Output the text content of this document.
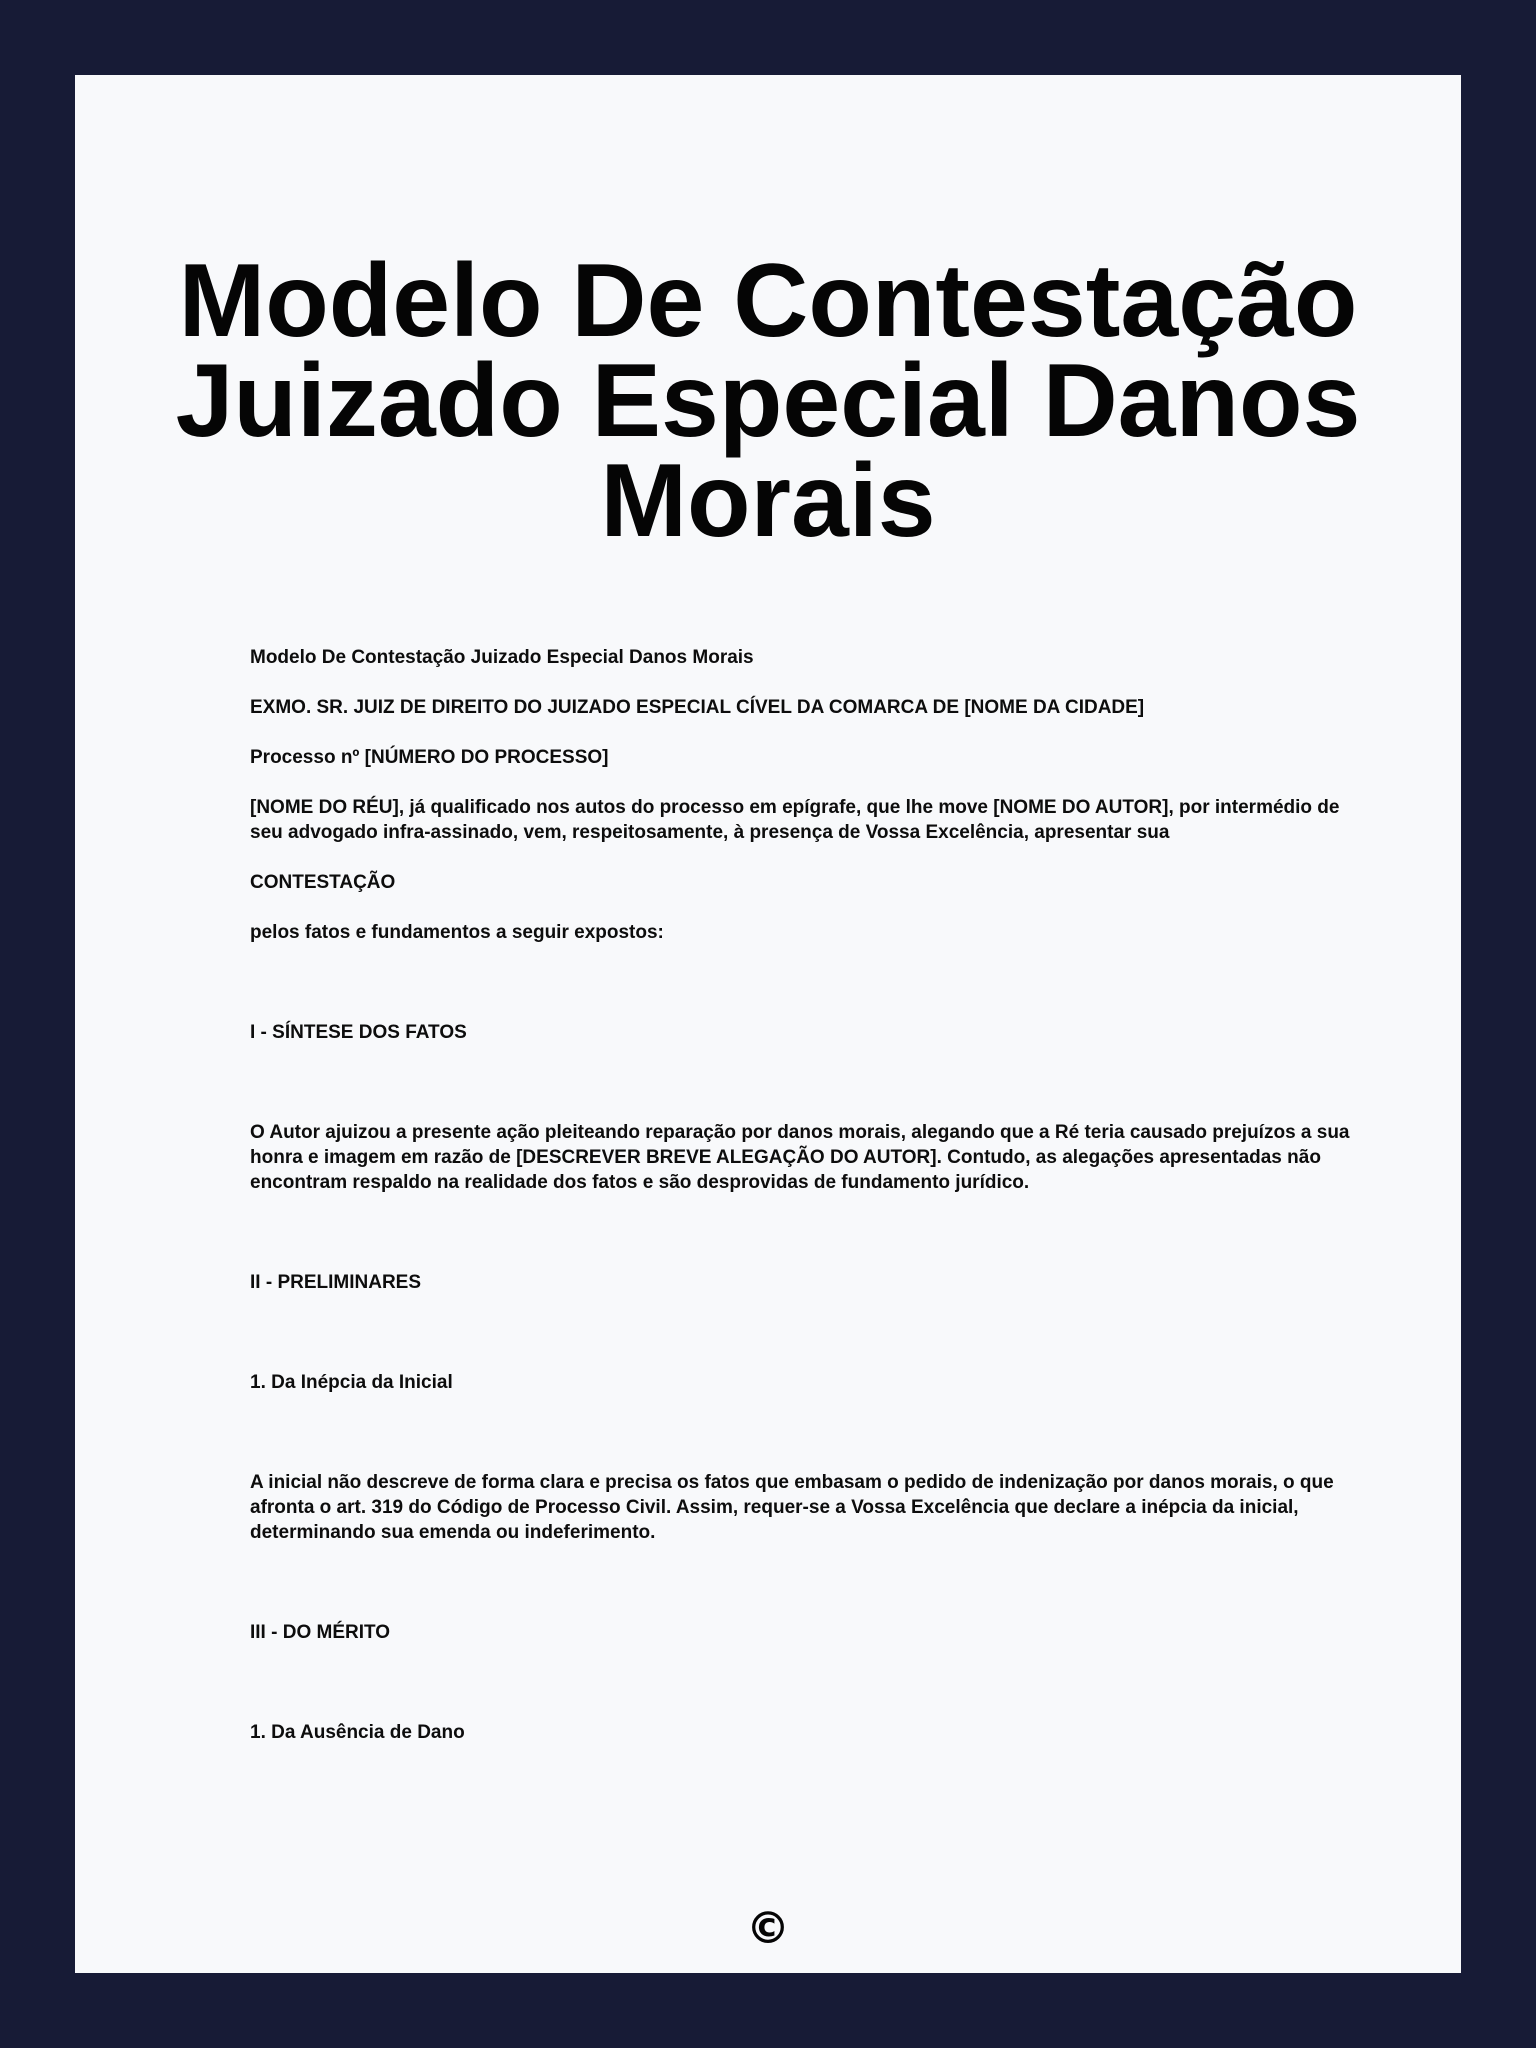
Modelo De Contestação Juizado Especial Danos Morais

Modelo De Contestação Juizado Especial Danos Morais

EXMO. SR. JUIZ DE DIREITO DO JUIZADO ESPECIAL CÍVEL DA COMARCA DE [NOME DA CIDADE]

Processo nº [NÚMERO DO PROCESSO]

[NOME DO RÉU], já qualificado nos autos do processo em epígrafe, que lhe move [NOME DO AUTOR], por intermédio de seu advogado infra-assinado, vem, respeitosamente, à presença de Vossa Excelência, apresentar sua

CONTESTAÇÃO

pelos fatos e fundamentos a seguir expostos:

I - SÍNTESE DOS FATOS

O Autor ajuizou a presente ação pleiteando reparação por danos morais, alegando que a Ré teria causado prejuízos a sua honra e imagem em razão de [DESCREVER BREVE ALEGAÇÃO DO AUTOR]. Contudo, as alegações apresentadas não encontram respaldo na realidade dos fatos e são desprovidas de fundamento jurídico.

II - PRELIMINARES

1. Da Inépcia da Inicial

A inicial não descreve de forma clara e precisa os fatos que embasam o pedido de indenização por danos morais, o que afronta o art. 319 do Código de Processo Civil. Assim, requer-se a Vossa Excelência que declare a inépcia da inicial, determinando sua emenda ou indeferimento.

III - DO MÉRITO

1. Da Ausência de Dano

©
